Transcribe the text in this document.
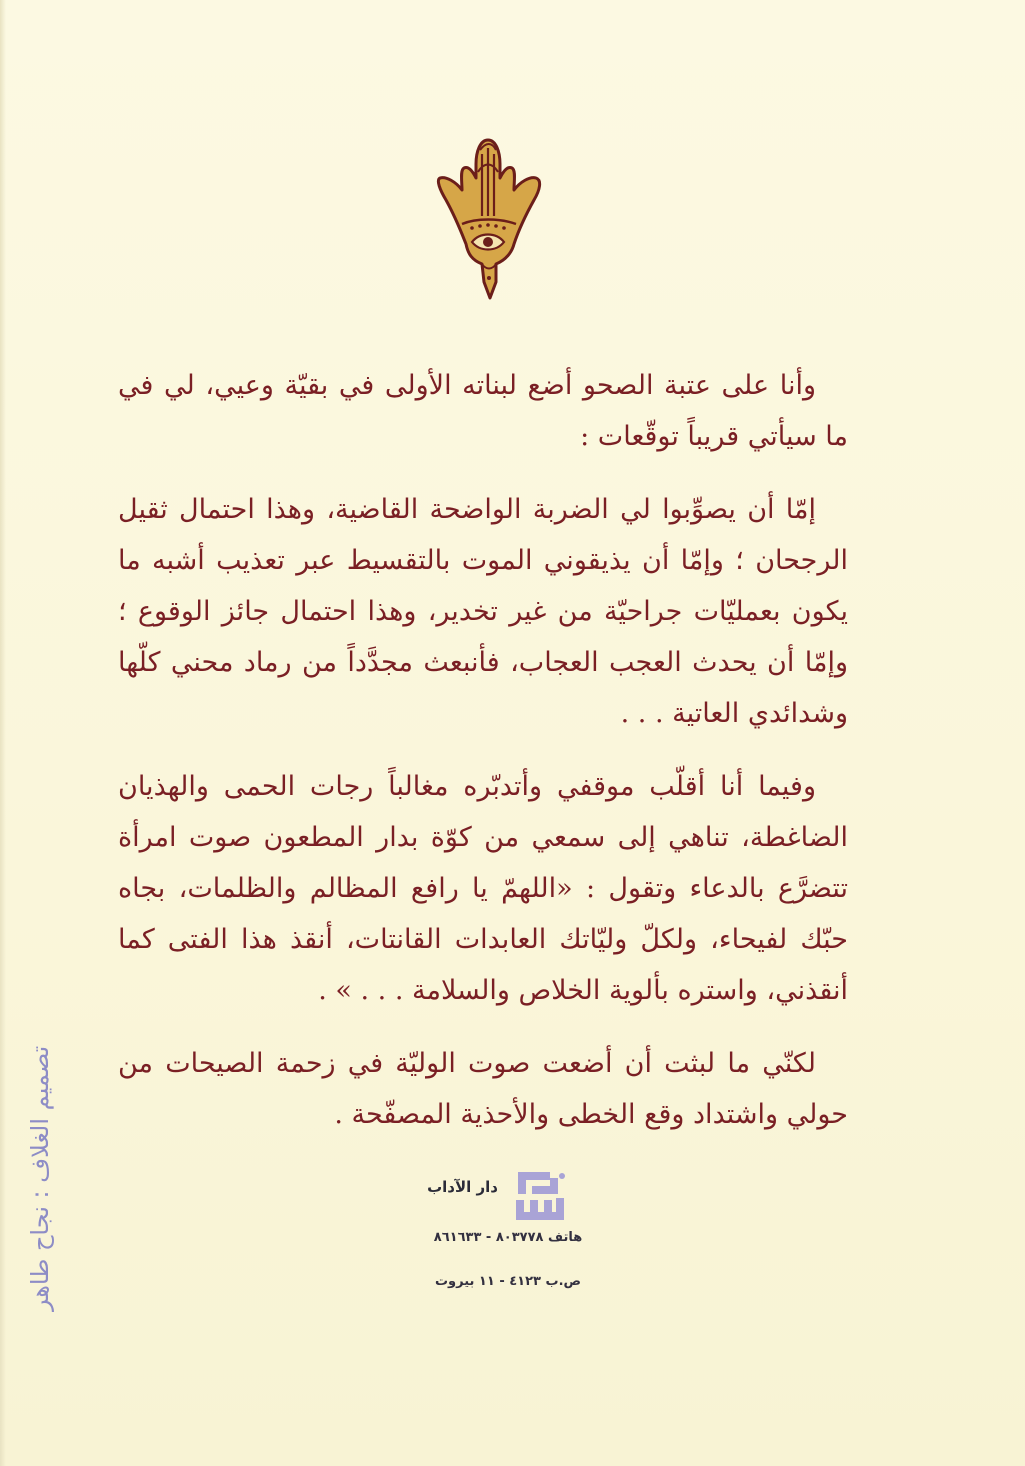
وأنا على عتبة الصحو أضع لبناته الأولى في بقيّة وعيي، لي في ما سيأتي قريباً توقّعات :

إمّا أن يصوِّبوا لي الضربة الواضحة القاضية، وهذا احتمال ثقيل الرجحان ؛ وإمّا أن يذيقوني الموت بالتقسيط عبر تعذيب أشبه ما يكون بعمليّات جراحيّة من غير تخدير، وهذا احتمال جائز الوقوع ؛ وإمّا أن يحدث العجب العجاب، فأنبعث مجدَّداً من رماد محني كلّها وشدائدي العاتية . . .

وفيما أنا أقلّب موقفي وأتدبّره مغالباً رجات الحمى والهذيان الضاغطة، تناهي إلى سمعي من كوّة بدار المطعون صوت امرأة تتضرَّع بالدعاء وتقول : «اللهمّ يا رافع المظالم والظلمات، بجاه حبّك لفيحاء، ولكلّ وليّاتك العابدات القانتات، أنقذ هذا الفتى كما أنقذني، واستره بألوية الخلاص والسلامة . . . » .

لكنّي ما لبثت أن أضعت صوت الوليّة في زحمة الصيحات من حولي واشتداد وقع الخطى والأحذية المصفّحة .

تصميم الغلاف : نجاح طاهر	دار الآداب
هاتف ٨٠٣٧٧٨ - ٨٦١٦٣٣
ص.ب ٤١٢٣ - ١١ بيروت
